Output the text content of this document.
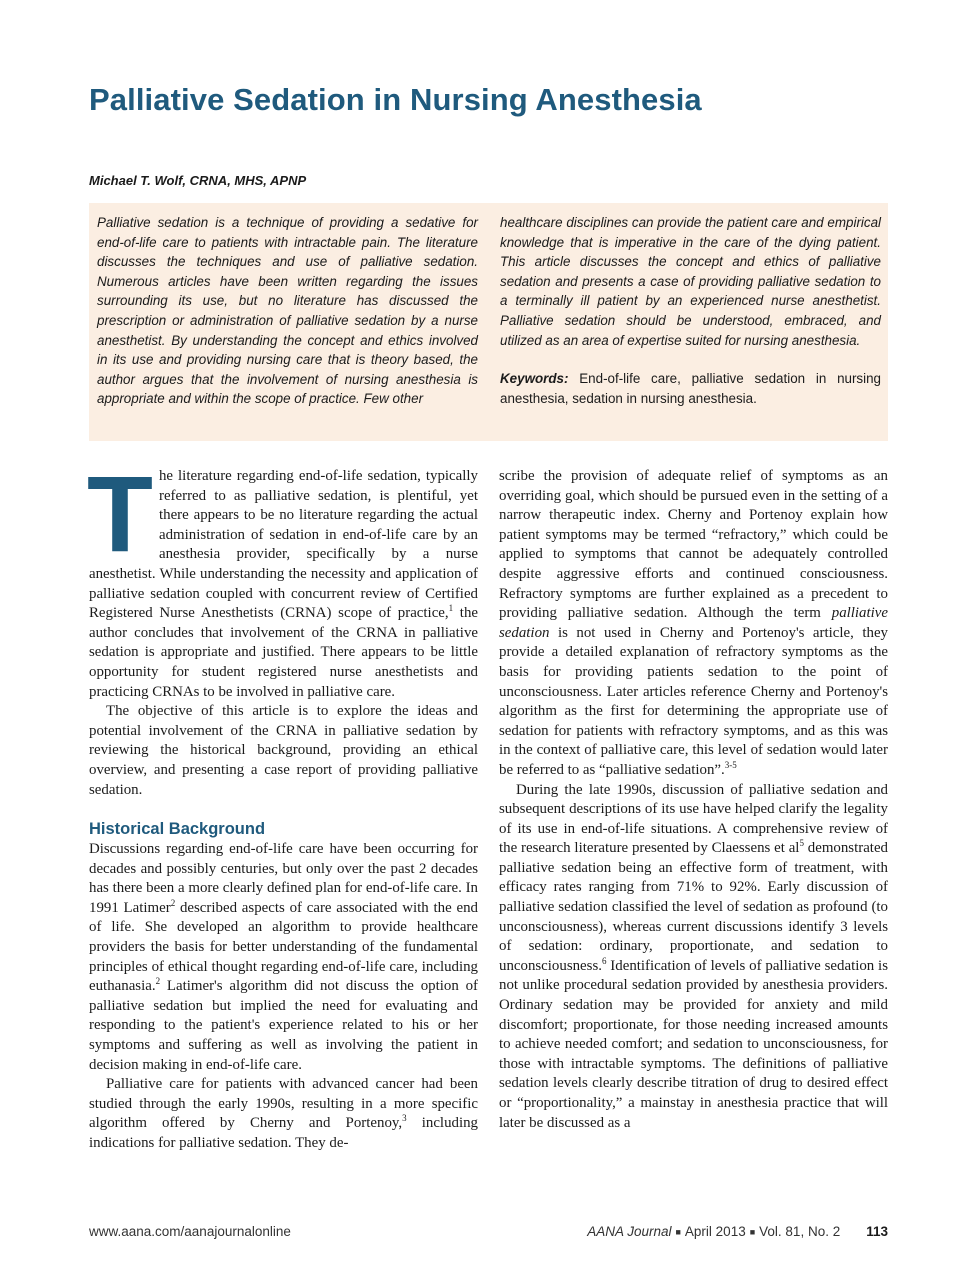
Palliative Sedation in Nursing Anesthesia
Michael T. Wolf, CRNA, MHS, APNP

Palliative sedation is a technique of providing a sedative for end-of-life care to patients with intractable pain. The literature discusses the techniques and use of palliative sedation. Numerous articles have been written regarding the issues surrounding its use, but no literature has discussed the prescription or administration of palliative sedation by a nurse anesthetist. By understanding the concept and ethics involved in its use and providing nursing care that is theory based, the author argues that the involvement of nursing anesthesia is appropriate and within the scope of practice. Few other

healthcare disciplines can provide the patient care and empirical knowledge that is imperative in the care of the dying patient. This article discusses the concept and ethics of palliative sedation and presents a case of providing palliative sedation to a terminally ill patient by an experienced nurse anesthetist. Palliative sedation should be understood, embraced, and utilized as an area of expertise suited for nursing anesthesia.

Keywords: End-of-life care, palliative sedation in nursing anesthesia, sedation in nursing anesthesia.

The literature regarding end-of-life sedation, typically referred to as palliative sedation, is plentiful, yet there appears to be no literature regarding the actual administration of sedation in end-of-life care by an anesthesia provider, specifically by a nurse anesthetist. While understanding the necessity and application of palliative sedation coupled with concurrent review of Certified Registered Nurse Anesthetists (CRNA) scope of practice,$^1$ the author concludes that involvement of the CRNA in palliative sedation is appropriate and justified. There appears to be little opportunity for student registered nurse anesthetists and practicing CRNAs to be involved in palliative care.

The objective of this article is to explore the ideas and potential involvement of the CRNA in palliative sedation by reviewing the historical background, providing an ethical overview, and presenting a case report of providing palliative sedation.

Historical Background

Discussions regarding end-of-life care have been occurring for decades and possibly centuries, but only over the past 2 decades has there been a more clearly defined plan for end-of-life care. In 1991 Latimer$^2$ described aspects of care associated with the end of life. She developed an algorithm to provide healthcare providers the basis for better understanding of the fundamental principles of ethical thought regarding end-of-life care, including euthanasia.$^2$ Latimer's algorithm did not discuss the option of palliative sedation but implied the need for evaluating and responding to the patient's experience related to his or her symptoms and suffering as well as involving the patient in decision making in end-of-life care.

Palliative care for patients with advanced cancer had been studied through the early 1990s, resulting in a more specific algorithm offered by Cherny and Portenoy,$^3$ including indications for palliative sedation. They de-

scribe the provision of adequate relief of symptoms as an overriding goal, which should be pursued even in the setting of a narrow therapeutic index. Cherny and Portenoy explain how patient symptoms may be termed “refractory,” which could be applied to symptoms that cannot be adequately controlled despite aggressive efforts and continued consciousness. Refractory symptoms are further explained as a precedent to providing palliative sedation. Although the term palliative sedation is not used in Cherny and Portenoy's article, they provide a detailed explanation of refractory symptoms as the basis for providing patients sedation to the point of unconsciousness. Later articles reference Cherny and Portenoy's algorithm as the first for determining the appropriate use of sedation for patients with refractory symptoms, and as this was in the context of palliative care, this level of sedation would later be referred to as “palliative sedation”.$^{3-5}$

During the late 1990s, discussion of palliative sedation and subsequent descriptions of its use have helped clarify the legality of its use in end-of-life situations. A comprehensive review of the research literature presented by Claessens et $al^5$ demonstrated palliative sedation being an effective form of treatment, with efficacy rates ranging from 71% to 92%. Early discussion of palliative sedation classified the level of sedation as profound (to unconsciousness), whereas current discussions identify 3 levels of sedation: ordinary, proportionate, and sedation to unconsciousness.$^6$ Identification of levels of palliative sedation is not unlike procedural sedation provided by anesthesia providers. Ordinary sedation may be provided for anxiety and mild discomfort; proportionate, for those needing increased amounts to achieve needed comfort; and sedation to unconsciousness, for those with intractable symptoms. The definitions of palliative sedation levels clearly describe titration of drug to desired effect or “proportionality,” a mainstay in anesthesia practice that will later be discussed as a

www.aana.com/aanajournalonline	AANA Journal ■ April 2013 ■ Vol. 81, No. 2 113
